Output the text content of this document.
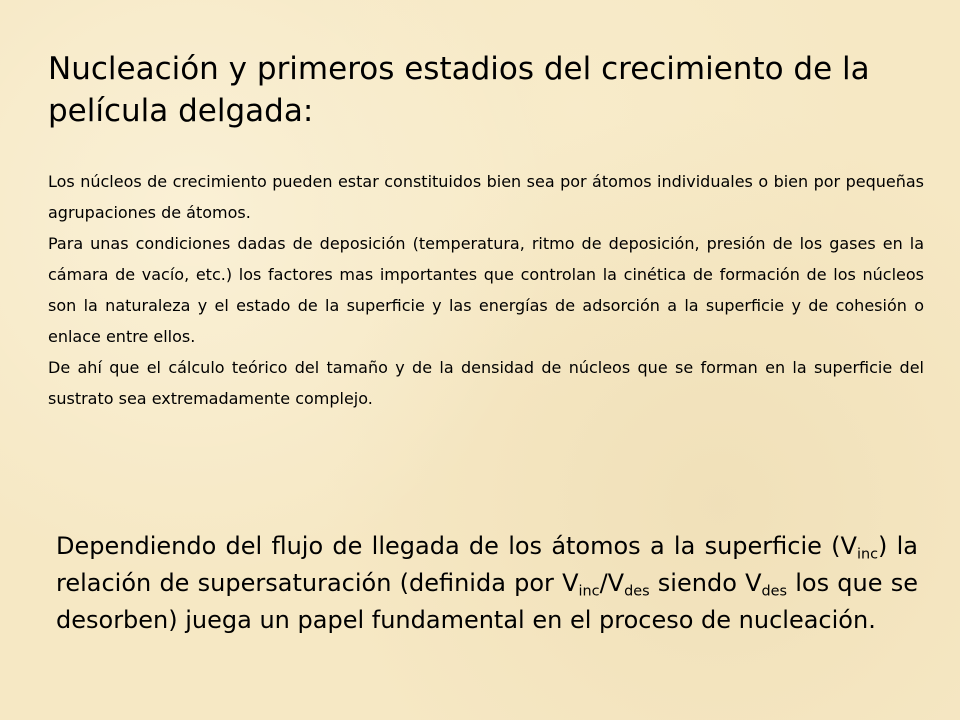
Nucleación y primeros estadios del crecimiento de la película delgada:

Los núcleos de crecimiento pueden estar constituidos bien sea por átomos individuales o bien por pequeñas agrupaciones de átomos.

Para unas condiciones dadas de deposición (temperatura, ritmo de deposición, presión de los gases en la cámara de vacío, etc.) los factores mas importantes que controlan la cinética de formación de los núcleos son la naturaleza y el estado de la superficie y las energías de adsorción a la superficie y de cohesión o enlace entre ellos.

De ahí que el cálculo teórico del tamaño y de la densidad de núcleos que se forman en la superficie del sustrato sea extremadamente complejo.

Dependiendo del flujo de llegada de los átomos a la superficie $(V_{inc})$ la relación de supersaturación (definida por $V_{inc}/V_{des}$ siendo $V_{des}$ los que se desorben) juega un papel fundamental en el proceso de nucleación.
